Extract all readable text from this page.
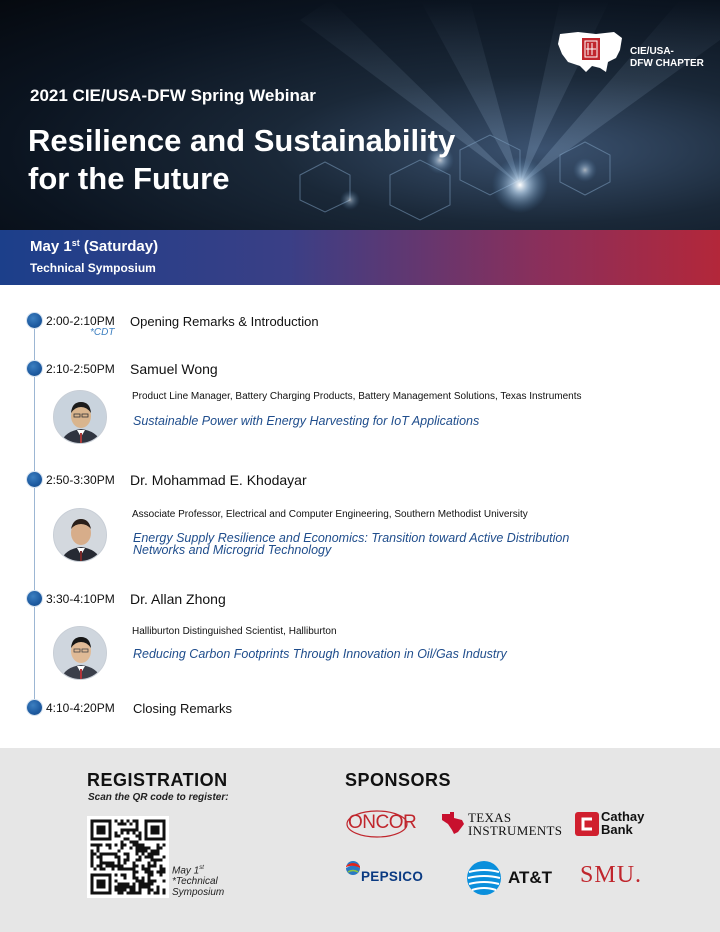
CIE/USA-
DFW CHAPTER
2021 CIE/USA-DFW Spring Webinar
Resilience and Sustainability
for the Future
May 1st (Saturday)
Technical Symposium
2:00-2:10PM
*CDT
Opening Remarks & Introduction
2:10-2:50PM Samuel Wong
Product Line Manager, Battery Charging Products, Battery Management Solutions, Texas Instruments
Sustainable Power with Energy Harvesting for IoT Applications
2:50-3:30PM Dr. Mohammad E. Khodayar
Associate Professor, Electrical and Computer Engineering, Southern Methodist University
Energy Supply Resilience and Economics: Transition toward Active Distribution
Networks and Microgrid Technology
3:30-4:10PM Dr. Allan Zhong
Halliburton Distinguished Scientist, Halliburton
Reducing Carbon Footprints Through Innovation in Oil/Gas Industry
4:10-4:20PM Closing Remarks
REGISTRATION
Scan the QR code to register:
May 1st
*Technical
Symposium
SPONSORS
ONCOR	TEXAS
INSTRUMENTS
Cathay
Bank
PEPSICO	AT&T SMU.
